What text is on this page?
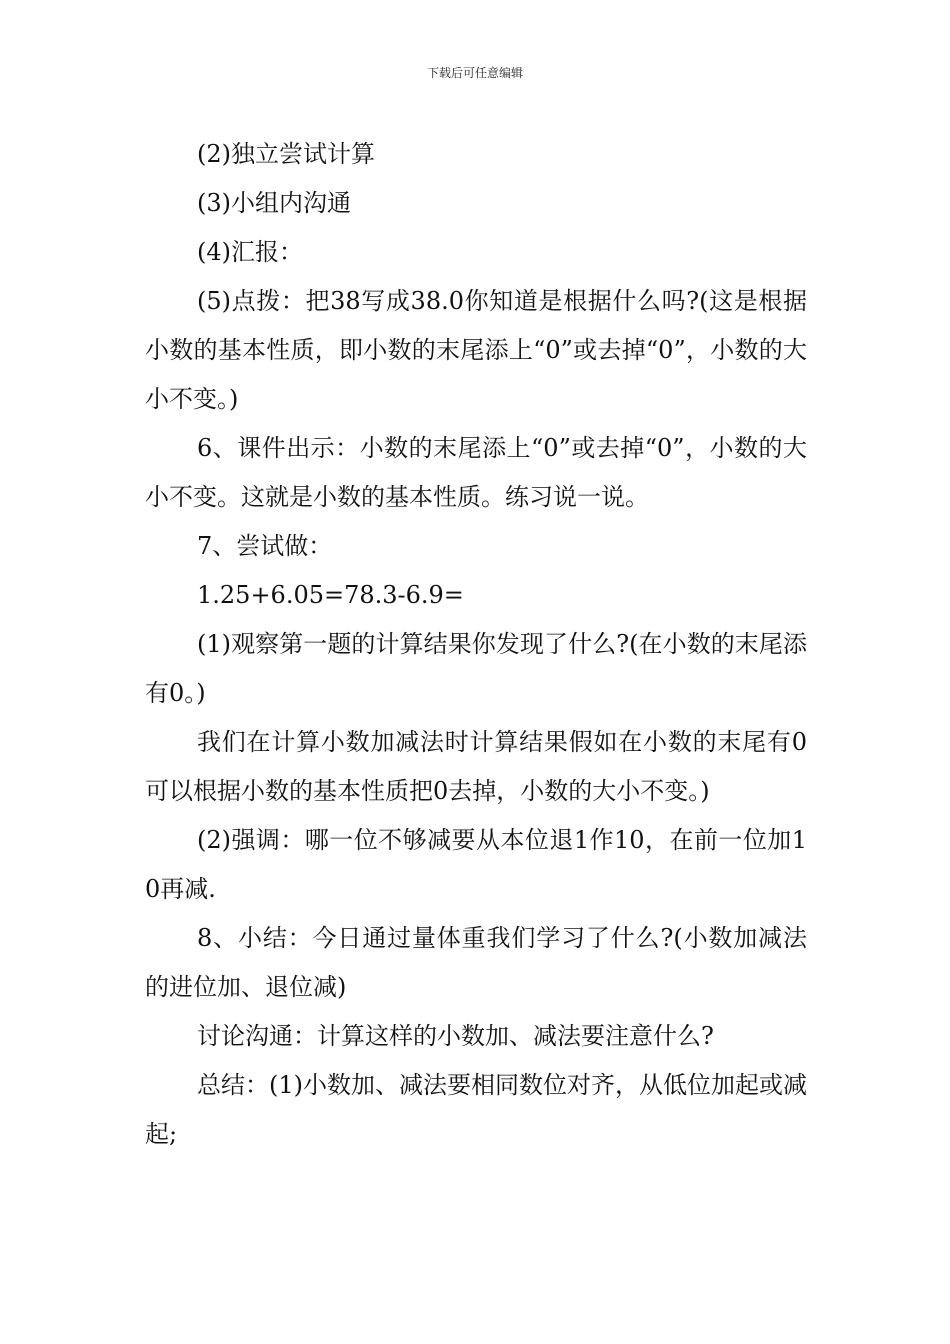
下载后可任意编辑

(2)独立尝试计算

(3)小组内沟通

(4)汇报：

(5)点拨：把38写成38.0你知道是根据什么吗?(这是根据小数的基本性质，即小数的末尾添上“0”或去掉“0”，小数的大小不变。)

6、课件出示：小数的末尾添上“0”或去掉“0”，小数的大小不变。这就是小数的基本性质。练习说一说。

7、尝试做：

1.25+6.05=78.3-6.9=

(1)观察第一题的计算结果你发现了什么?(在小数的末尾添有0。)

我们在计算小数加减法时计算结果假如在小数的末尾有0可以根据小数的基本性质把0去掉，小数的大小不变。)

(2)强调：哪一位不够减要从本位退1作10，在前一位加10再减.

8、小结：今日通过量体重我们学习了什么?(小数加减法的进位加、退位减)

讨论沟通：计算这样的小数加、减法要注意什么?

总结：(1)小数加、减法要相同数位对齐，从低位加起或减起;
